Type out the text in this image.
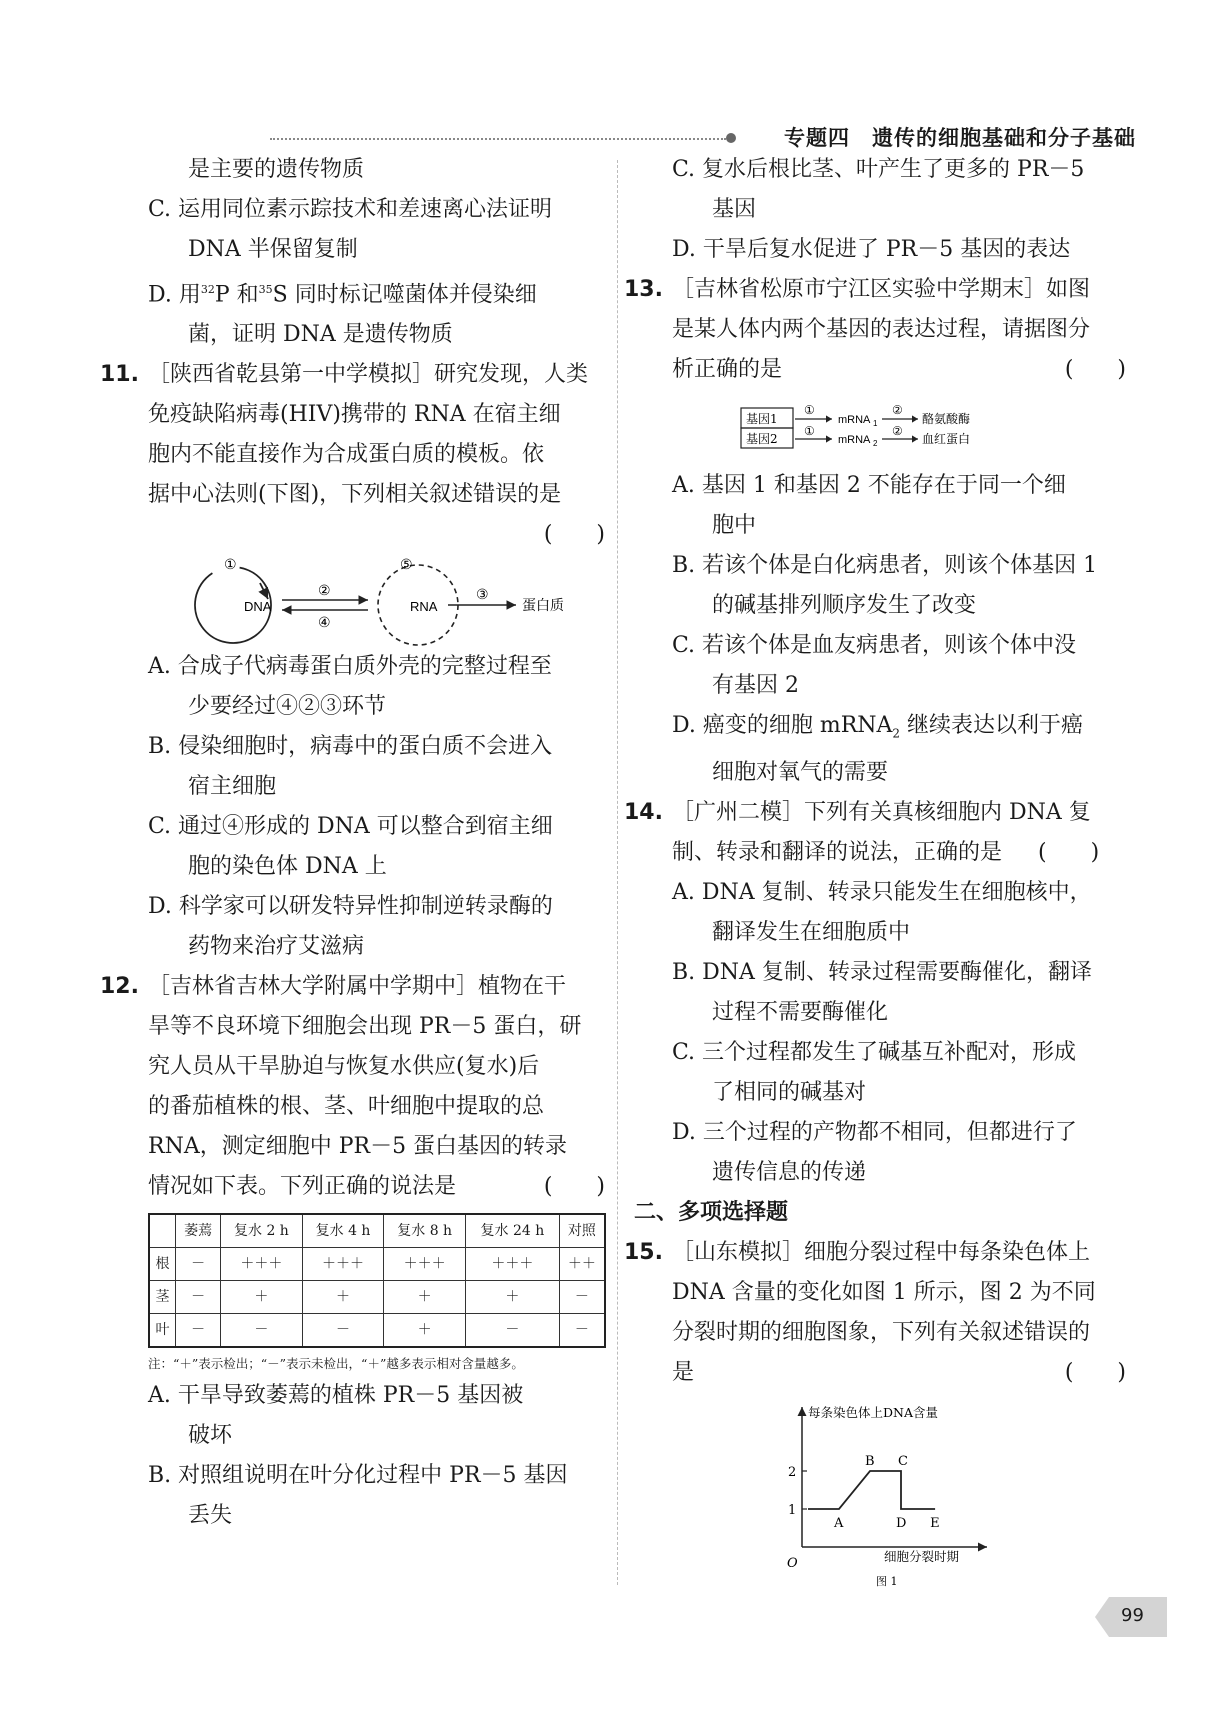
专题四　遗传的细胞基础和分子基础
是主要的遗传物质
C. 运用同位素示踪技术和差速离心法证明
DNA 半保留复制
D. 用$^{32}$P 和$^{35}$S 同时标记噬菌体并侵染细
菌，证明 DNA 是遗传物质
11. ［陕西省乾县第一中学模拟］研究发现，人类
免疫缺陷病毒(HIV)携带的 RNA 在宿主细
胞内不能直接作为合成蛋白质的模板。依
据中心法则(下图)，下列相关叙述错误的是
(　　)
①
DNA
②
④
⑤
RNA
③
蛋白质
A. 合成子代病毒蛋白质外壳的完整过程至
少要经过④②③环节
B. 侵染细胞时，病毒中的蛋白质不会进入
宿主细胞
C. 通过④形成的 DNA 可以整合到宿主细
胞的染色体 DNA 上
D. 科学家可以研发特异性抑制逆转录酶的
药物来治疗艾滋病
12. ［吉林省吉林大学附属中学期中］植物在干
旱等不良环境下细胞会出现 PR－5 蛋白，研
究人员从干旱胁迫与恢复水供应(复水)后
的番茄植株的根、茎、叶细胞中提取的总
RNA，测定细胞中 PR－5 蛋白基因的转录
情况如下表。下列正确的说法是	(　　)
	萎蔫	复水 2 h	复水 4 h	复水 8 h	复水 24 h	对照
根	－	＋＋＋	＋＋＋	＋＋＋	＋＋＋	＋＋
茎	－	＋	＋	＋	＋	－
叶	－	－	－	＋	－	－
注：“＋”表示检出；“－”表示未检出，“＋”越多表示相对含量越多。
A. 干旱导致萎蔫的植株 PR－5 基因被
破坏
B. 对照组说明在叶分化过程中 PR－5 基因
丢失
C. 复水后根比茎、叶产生了更多的 PR－5
基因
D. 干旱后复水促进了 PR－5 基因的表达
13. ［吉林省松原市宁江区实验中学期末］如图
是某人体内两个基因的表达过程，请据图分
析正确的是	(　　)
基因1
基因2
①
①
mRNA 1
mRNA 2
②
②
酪氨酸酶
血红蛋白
A. 基因 1 和基因 2 不能存在于同一个细
胞中
B. 若该个体是白化病患者，则该个体基因 1
的碱基排列顺序发生了改变
C. 若该个体是血友病患者，则该个体中没
有基因 2
D. 癌变的细胞 mRNA$_2$ 继续表达以利于癌
细胞对氧气的需要
14. ［广州二模］下列有关真核细胞内 DNA 复
制、转录和翻译的说法，正确的是 (　　)
A. DNA 复制、转录只能发生在细胞核中，
翻译发生在细胞质中
B. DNA 复制、转录过程需要酶催化，翻译
过程不需要酶催化
C. 三个过程都发生了碱基互补配对，形成
了相同的碱基对
D. 三个过程的产物都不相同，但都进行了
遗传信息的传递
二、多项选择题
15. ［山东模拟］细胞分裂过程中每条染色体上
DNA 含量的变化如图 1 所示，图 2 为不同
分裂时期的细胞图象，下列有关叙述错误的
是	(　　)
每条染色体上DNA含量
O	细胞分裂时期
图 1
1
2
A
B C
D E
99
